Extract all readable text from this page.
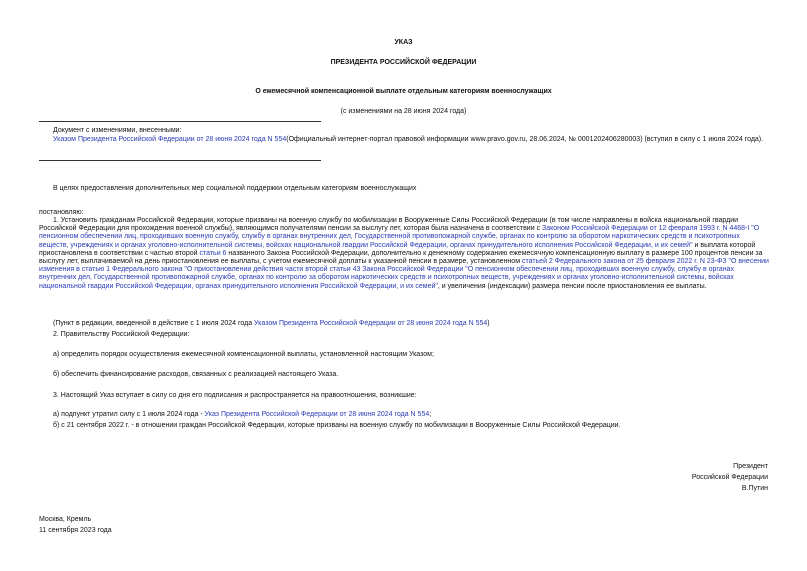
УКАЗ
ПРЕЗИДЕНТА РОССИЙСКОЙ ФЕДЕРАЦИИ
О ежемесячной компенсационной выплате отдельным категориям военнослужащих
(с изменениями на 28 июня 2024 года)
Документ с изменениями, внесенными:
Указом Президента Российской Федерации от 28 июня 2024 года N 554(Официальный интернет-портал правовой информации www.pravo.gov.ru, 28.06.2024, № 0001202406280003) (вступил в силу с 1 июля 2024 года).
В целях предоставления дополнительных мер социальной поддержки отдельным категориям военнослужащих
постановляю:
1. Установить гражданам Российской Федерации, которые призваны на военную службу по мобилизации в Вооруженные Силы Российской Федерации (в том числе направлены в войска национальной гвардии Российской Федерации для прохождения военной службы), являющимся получателями пенсии за выслугу лет, которая была назначена в соответствии с Законом Российской Федерации от 12 февраля 1993 г. N 4468-I "О пенсионном обеспечении лиц, проходивших военную службу, службу в органах внутренних дел, Государственной противопожарной службе, органах по контролю за оборотом наркотических средств и психотропных веществ, учреждениях и органах уголовно-исполнительной системы, войсках национальной гвардии Российской Федерации, органах принудительного исполнения Российской Федерации, и их семей" и выплата которой приостановлена в соответствии с частью второй статьи 6 названного Закона Российской Федерации, дополнительно к денежному содержанию ежемесячную компенсационную выплату в размере 100 процентов пенсии за выслугу лет, выплачиваемой на день приостановления ее выплаты, с учетом ежемесячной доплаты к указанной пенсии в размере, установленном статьей 2 Федерального закона от 25 февраля 2022 г. N 23-ФЗ "О внесении изменения в статью 1 Федерального закона "О приостановлении действия части второй статьи 43 Закона Российской Федерации "О пенсионном обеспечении лиц, проходивших военную службу, службу в органах внутренних дел, Государственной противопожарной службе, органах по контролю за оборотом наркотических средств и психотропных веществ, учреждениях и органах уголовно-исполнительной системы, войсках национальной гвардии Российской Федерации, органах принудительного исполнения Российской Федерации, и их семей", и увеличения (индексации) размера пенсии после приостановления ее выплаты.
(Пункт в редакции, введенной в действие с 1 июля 2024 года Указом Президента Российской Федерации от 28 июня 2024 года N 554)
2. Правительству Российской Федерации:
а) определить порядок осуществления ежемесячной компенсационной выплаты, установленной настоящим Указом;
б) обеспечить финансирование расходов, связанных с реализацией настоящего Указа.
3. Настоящий Указ вступает в силу со дня его подписания и распространяется на правоотношения, возникшие:
а) подпункт утратил силу с 1 июля 2024 года - Указ Президента Российской Федерации от 28 июня 2024 года N 554;
б) с 21 сентября 2022 г. - в отношении граждан Российской Федерации, которые призваны на военную службу по мобилизации в Вооруженные Силы Российской Федерации.
Президент
Российской Федерации
В.Путин
Москва, Кремль
11 сентября 2023 года
